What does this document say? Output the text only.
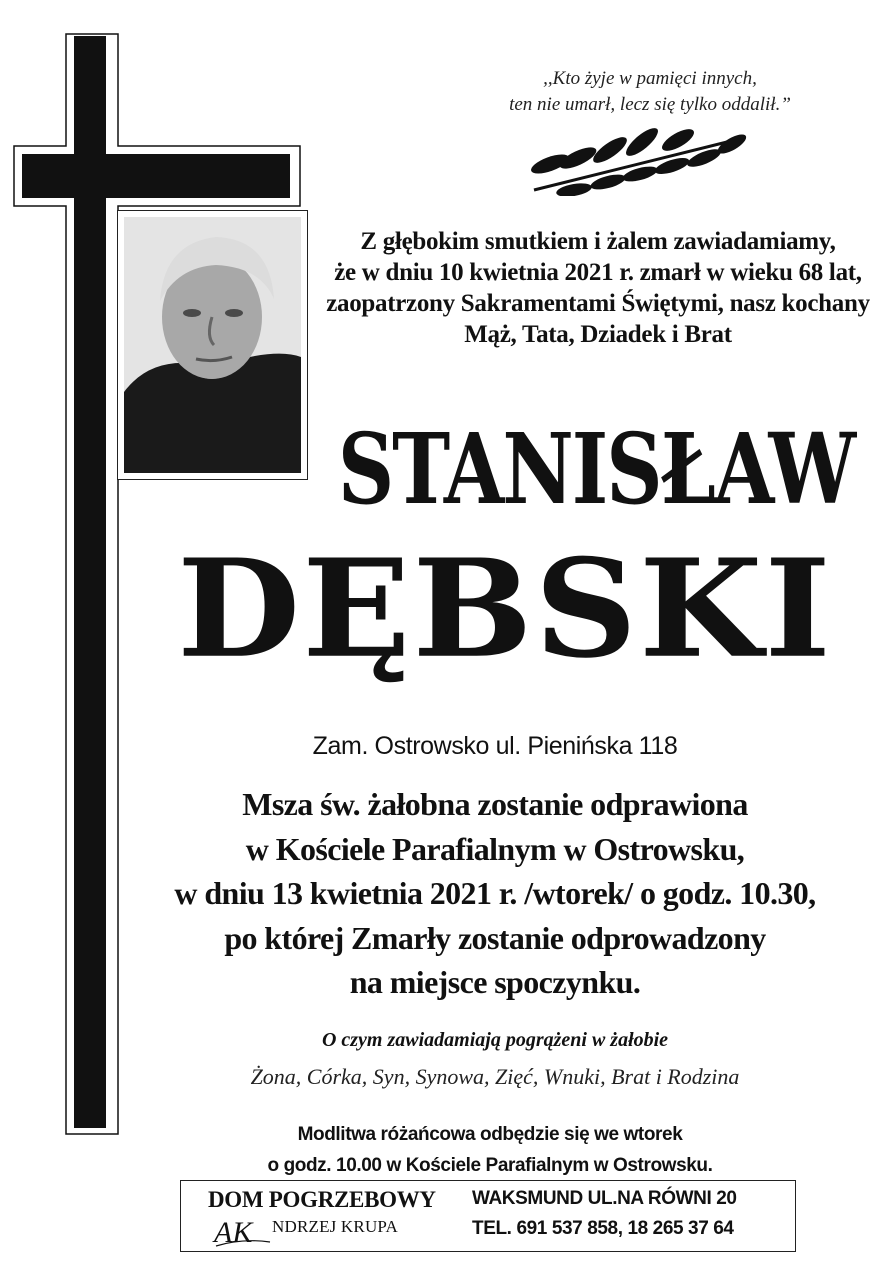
,,Kto żyje w pamięci innych,
ten nie umarł, lecz się tylko oddalił.”
Z głębokim smutkiem i żalem zawiadamiamy,
że w dniu 10 kwietnia 2021 r. zmarł w wieku 68 lat,
zaopatrzony Sakramentami Świętymi, nasz kochany
Mąż, Tata, Dziadek i Brat
STANISŁAW
DĘBSKI
Zam. Ostrowsko ul. Pienińska 118
Msza św. żałobna zostanie odprawiona
w Kościele Parafialnym w Ostrowsku,
w dniu 13 kwietnia 2021 r. /wtorek/ o godz. 10.30,
po której Zmarły zostanie odprowadzony
na miejsce spoczynku.
O czym zawiadamiają pogrążeni w żałobie
Żona, Córka, Syn, Synowa, Zięć, Wnuki, Brat i Rodzina
Modlitwa różańcowa odbędzie się we wtorek
o godz. 10.00 w Kościele Parafialnym w Ostrowsku.
DOM POGRZEBOWY
AK NDRZEJ KRUPA
WAKSMUND UL.NA RÓWNI 20
TEL. 691 537 858, 18 265 37 64
